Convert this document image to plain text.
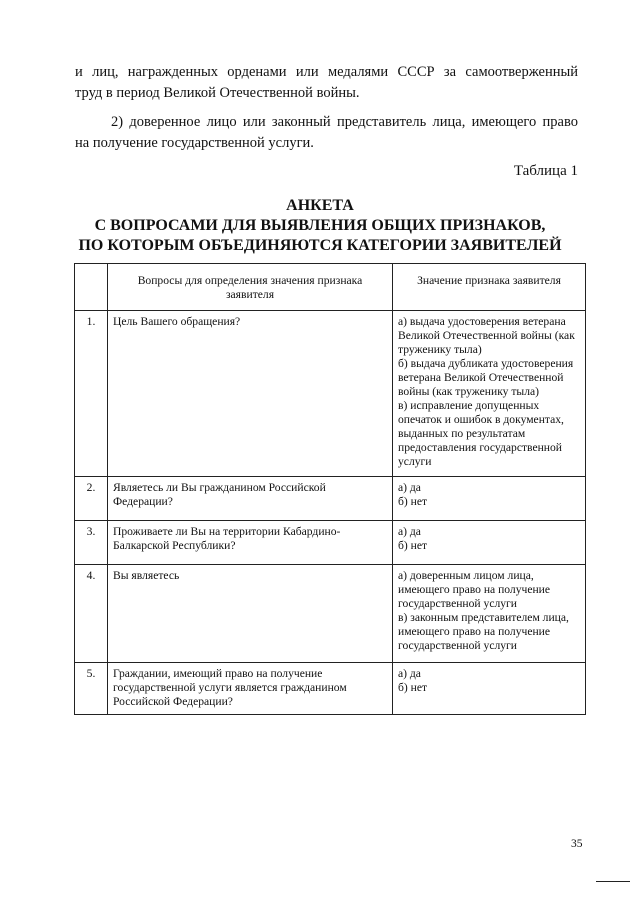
и лиц, награжденных орденами или медалями СССР за самоотверженный
труд в период Великой Отечественной войны.
2) доверенное лицо или законный представитель лица, имеющего право
на получение государственной услуги.
Таблица 1
АНКЕТА
С ВОПРОСАМИ ДЛЯ ВЫЯВЛЕНИЯ ОБЩИХ ПРИЗНАКОВ,
ПО КОТОРЫМ ОБЪЕДИНЯЮТСЯ КАТЕГОРИИ ЗАЯВИТЕЛЕЙ
	Вопросы для определения значения признака заявителя	Значение признака заявителя
1.	Цель Вашего обращения?	а) выдача удостоверения ветерана Великой Отечественной войны (как труженику тыла)
б) выдача дубликата удостоверения ветерана Великой Отечественной войны (как труженику тыла)
в) исправление допущенных опечаток и ошибок в документах, выданных по результатам предоставления государственной услуги

2.	Являетесь ли Вы гражданином Российской Федерации?	а) да
б) нет

3.	Проживаете ли Вы на территории Кабардино-Балкарской Республики?	а) да
б) нет

4.	Вы являетесь	а) доверенным лицом лица, имеющего право на получение государственной услуги
в) законным представителем лица, имеющего право на получение государственной услуги

5.	Граждании, имеющий право на получение государственной услуги является гражданином Российской Федерации?	а) да
б) нет
35
